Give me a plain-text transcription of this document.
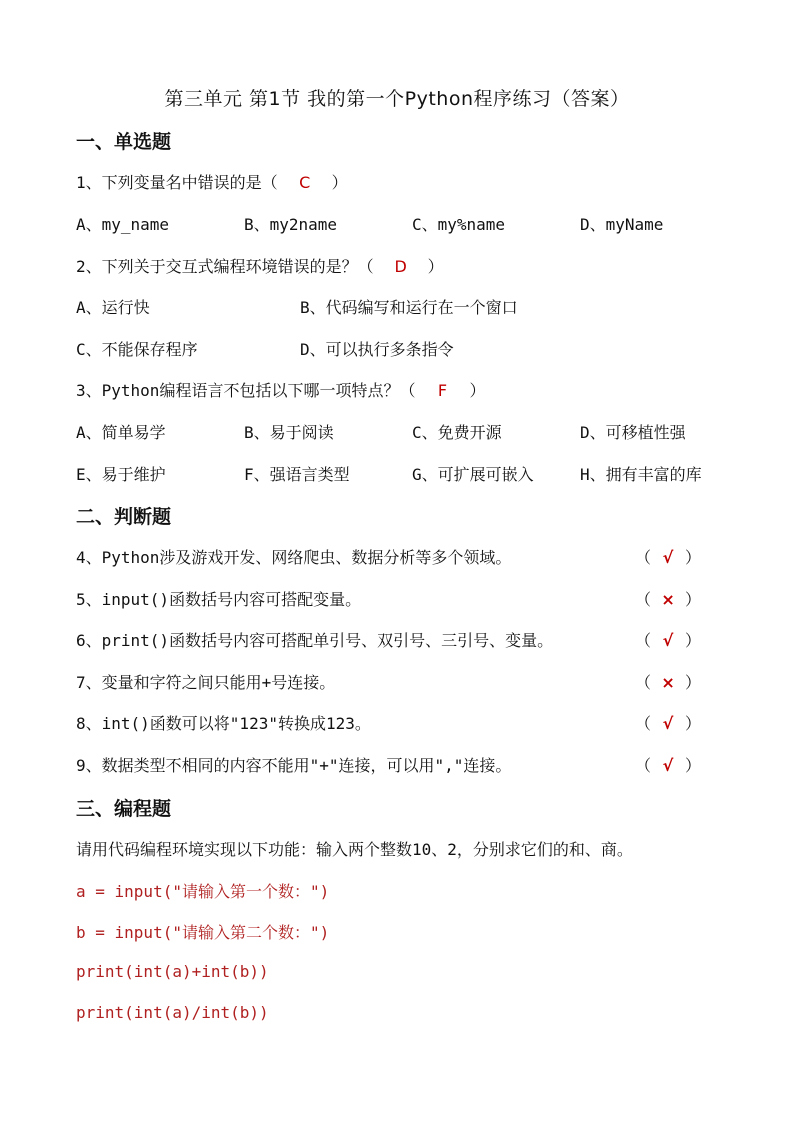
第三单元 第1节 我的第一个Python程序练习（答案）
一、单选题
1、下列变量名中错误的是（ C ）
A、my_name	B、my2name	C、my%name	D、myName
2、下列关于交互式编程环境错误的是？（ D ）
A、运行快	B、代码编写和运行在一个窗口
C、不能保存程序	D、可以执行多条指令
3、Python编程语言不包括以下哪一项特点？（ F ）
A、简单易学	B、易于阅读	C、免费开源	D、可移植性强
E、易于维护	F、强语言类型	G、可扩展可嵌入	H、拥有丰富的库
二、判断题
4、Python涉及游戏开发、网络爬虫、数据分析等多个领域。	（ √ ）
5、input()函数括号内容可搭配变量。	（ × ）
6、print()函数括号内容可搭配单引号、双引号、三引号、变量。	（ √ ）
7、变量和字符之间只能用+号连接。	（ × ）
8、int()函数可以将"123"转换成123。	（ √ ）
9、数据类型不相同的内容不能用"+"连接，可以用","连接。	（ √ ）
三、编程题
请用代码编程环境实现以下功能：输入两个整数10、2，分别求它们的和、商。
a = input("请输入第一个数：")
b = input("请输入第二个数：")
print(int(a)+int(b))
print(int(a)/int(b))
